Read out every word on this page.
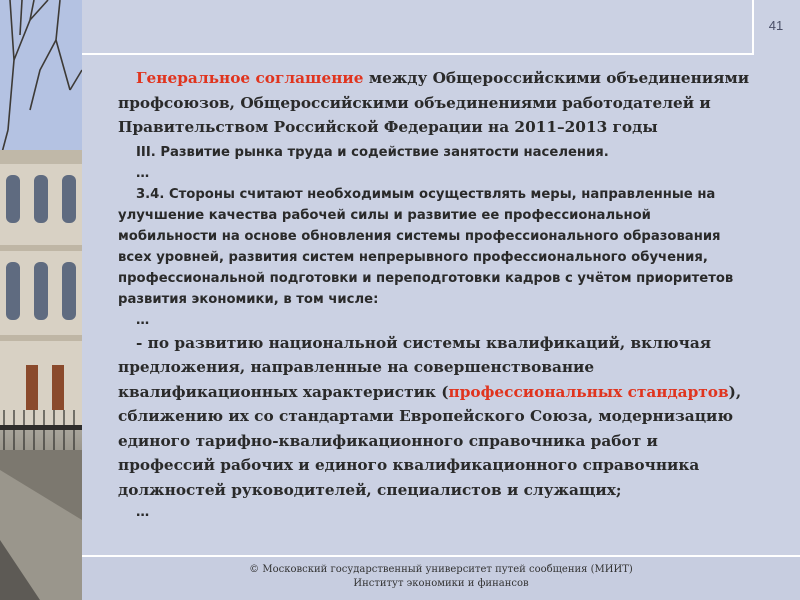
41

Генеральное соглашение между Общероссийскими объединениями профсоюзов, Общероссийскими объединениями работодателей и Правительством Российской Федерации на 2011–2013 годы

III. Развитие рынка труда и содействие занятости населения.

…

3.4. Стороны считают необходимым осуществлять меры, направленные на улучшение качества рабочей силы и развитие ее профессиональной мобильности на основе обновления системы профессионального образования всех уровней, развития систем непрерывного профессионального обучения, профессиональной подготовки и переподготовки кадров с учётом приоритетов развития экономики, в том числе:

…

- по развитию национальной системы квалификаций, включая предложения, направленные на совершенствование квалификационных характеристик (профессиональных стандартов), сближению их со стандартами Европейского Союза, модернизацию единого тарифно-квалификационного справочника работ и профессий рабочих и единого квалификационного справочника должностей руководителей, специалистов и служащих;

…

© Московский государственный университет путей сообщения (МИИТ)
Институт экономики и финансов
